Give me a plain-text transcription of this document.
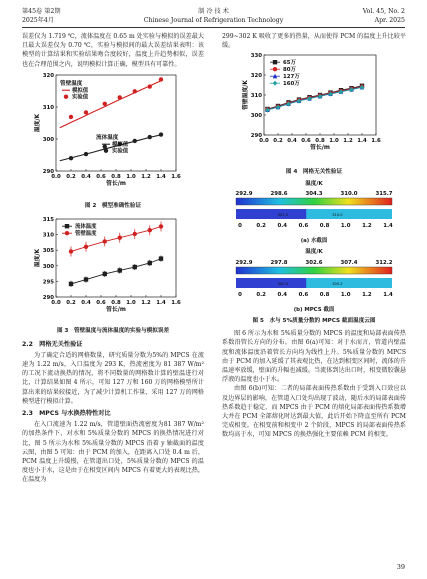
第45卷 第2期
2025年4月
制 冷 技 术
Chinese Journal of Refrigeration Technology
Vol. 45, No. 2
Apr. 2025

误差仅为 1.719 ℃，流体温度在 0.65 m 处实验与模拟的误差最大且最大误差仅为 0.70 ℃，实验与模拟间的最大误差结果表明：该模型的计算结果和实验结果吻合度较好，温度上升趋势相似，误差也在合理范围之内，说明模拟计算正确，模型具有可靠性。

0.0 0.2 0.4 0.6 0.8 1.0 1.2 1.4 1.6
290
300
310
320
管长/m
温度/K
管壁温度
模拟值
实验值
流体温度
模拟值
实验值
图 2　模型准确性验证
0.0 0.2 0.4 0.6 0.8 1.0 1.2 1.4 1.6
290
295
300
305
310
315
管长/m
温度/K
流体温度
管壁温度
图 3　管壁温度与流体温度的实验与模拟误差
2.2　网格无关性验证

为了确定合适的网格数量，研究质量分数为5%的 MPCS 在流速为 1.22 m/s，入口温度为 293 K，热流密度为 81 387 W/m² 的工况下流动换热的情况，将不同数量的网格数计算的壁温进行对比，计算结果如图 4 所示，可知 127 万和 160 万的网格模型所计算出来的结果较接近，为了减少计算机工作量，采用 127 万的网格模型进行模拟计算。

2.3　MPCS 与水换热特性对比

在入口流速为 1.22 m/s，管道壁面热流密度为81 387 W/m² 的加热条件下，对水和 5%质量分数的 MPCS 的换热情况进行对比，图 5 所示为水和 5%质量分数的 MPCS 沿着 y 轴截面的温度云图，由图 5 可知：由于 PCM 的加入，在距离入口处 0.4 m 后，PCM 温度上升缓慢，在管道出口处，5%质量分数的 MPCS 的温度也小于水，这是由于在相变区间内 MPCS 有着更大的表观比热，在温度为

299~302 K 吸收了更多的热量，从而使得 PCM 的温度上升比较平缓。

0.0 0.2 0.4 0.6 0.8 1.0 1.2 1.4 1.6
290
300
310
320
330
管长/m
管壁温度/K
65万
80万
127万
160万
图 4　网格无关性验证
温度/K
292.9	298.6	304.3	310.0	315.7
301.5	310.0
0	0.2 0.4 0.6 0.8 1.0 1.2 1.4
(a) 水截面
温度/K
292.9	297.8	302.6	307.4	312.2
300.3	305.2
0	0.2 0.4 0.6 0.8 1.0 1.2 1.4
(b) MPCS 截面
图 5　水与 5%质量分数的 MPCS 截面温度云图

图 6 所示为水和 5%质量分数的 MPCS 的温度和局部表面传热系数沿管长方向的分布。由图 6(a)可知：对于水而言，管道内壁温度和流体温度沿着管长方向均为线性上升。5%质量分数的 MPCS 由于 PCM 的加入延缓了其表观比热，在达到相变区间时，流体的升温速率放缓，壁面的升幅也减缓。当流体到达出口时，相变微胶囊悬浮液的温度也小于水。

由图 6(b)可知：二者的局部表面传热系数由于受到入口效应以及边界层的影响，在管道入口处均出现了波动，随后水的局部表面传热系数趋于稳定，而 MPCS 由于 PCM 的熔化局部表面传热系数增大并在 PCM 全部熔化时达到最大值，此后开始下降直至所有 PCM 完成相变。在相变前和相变中 2 个阶段，MPCS 的局部表面传热系数均高于水，可知 MPCS 的换热强化主要依赖 PCM 的相变。

39
